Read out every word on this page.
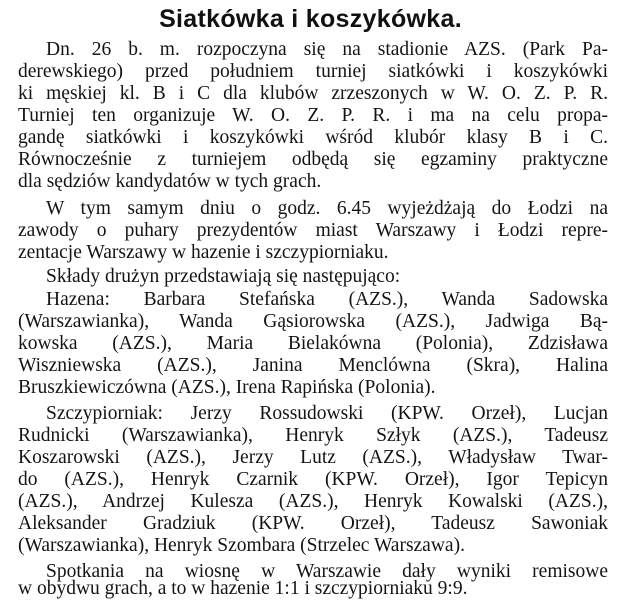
Siatkówka i koszykówka.
Dn. 26 b. m. rozpoczyna się na stadionie AZS. (Park Pa-
derewskiego) przed południem turniej siatkówki i koszykówki
ki męskiej kl. B i C dla klubów zrzeszonych w W. O. Z. P. R.
Turniej ten organizuje W. O. Z. P. R. i ma na celu propa-
gandę siatkówki i koszykówki wśród klubór klasy B i C.
Równocześnie z turniejem odbędą się egzaminy praktyczne
dla sędziów kandydatów w tych grach.
W tym samym dniu o godz. 6.45 wyjeżdżają do Łodzi na
zawody o puhary prezydentów miast Warszawy i Łodzi repre-
zentacje Warszawy w hazenie i szczypiorniaku.
Składy drużyn przedstawiają się następująco:
Hazena: Barbara Stefańska (AZS.), Wanda Sadowska
(Warszawianka), Wanda Gąsiorowska (AZS.), Jadwiga Bą-
kowska (AZS.), Maria Bielakówna (Polonia), Zdzisława
Wiszniewska (AZS.), Janina Menclówna (Skra), Halina
Bruszkiewiczówna (AZS.), Irena Rapińska (Polonia).
Szczypiorniak: Jerzy Rossudowski (KPW. Orzeł), Lucjan
Rudnicki (Warszawianka), Henryk Szłyk (AZS.), Tadeusz
Koszarowski (AZS.), Jerzy Lutz (AZS.), Władysław Twar-
do (AZS.), Henryk Czarnik (KPW. Orzeł), Igor Tepicyn
(AZS.), Andrzej Kulesza (AZS.), Henryk Kowalski (AZS.),
Aleksander Gradziuk (KPW. Orzeł), Tadeusz Sawoniak
(Warszawianka), Henryk Szombara (Strzelec Warszawa).
Spotkania na wiosnę w Warszawie dały wyniki remisowe
w obydwu grach, a to w hazenie 1:1 i szczypiorniaku 9:9.
